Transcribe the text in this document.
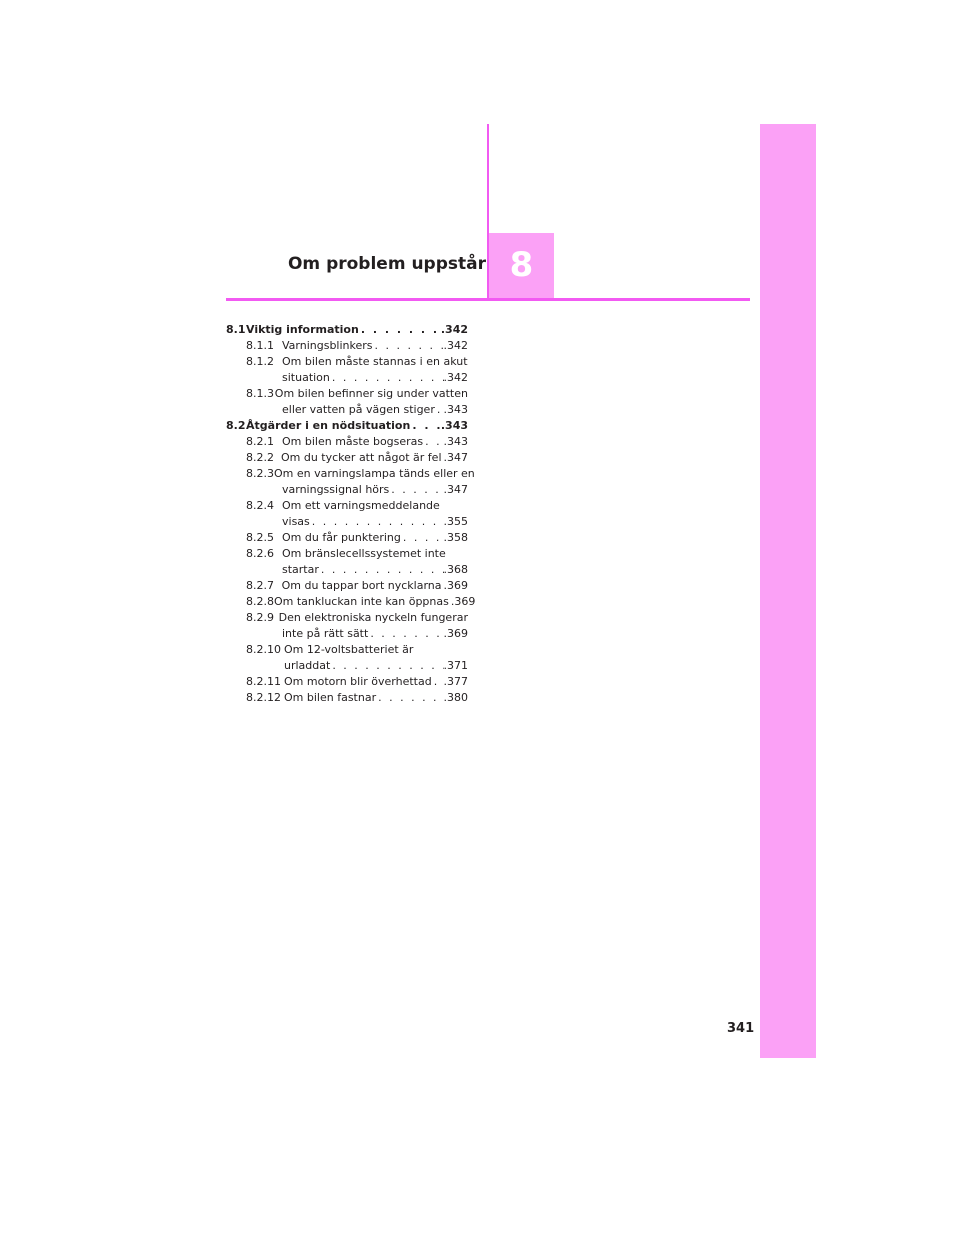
8
Om problem uppstår
8.1 Viktig information . . .	.342
8.1.1 Varningsblinkers . . .	.342
8.1.2 Om bilen måste stannas i en akut
situation . . .	.342
8.1.3 Om bilen befinner sig under vatten
eller vatten på vägen stiger . . . .343
8.2 Åtgärder i en nödsituation . . .	.343
8.2.1 Om bilen måste bogseras . . . .343
8.2.2 Om du tycker att något är fel . . . .347
8.2.3 Om en varningslampa tänds eller en
varningssignal hörs . . .	.347
8.2.4 Om ett varningsmeddelande
visas . . .	.355
8.2.5 Om du får punktering . . .	.358
8.2.6 Om bränslecellssystemet inte
startar . . .	.368
8.2.7 Om du tappar bort nycklarna . . . .369
8.2.8 Om tankluckan inte kan öppnas . . . .369
8.2.9 Den elektroniska nyckeln fungerar
inte på rätt sätt . . .	.369
8.2.10 Om 12-voltsbatteriet är
urladdat . . .	.371
8.2.11 Om motorn blir överhettad . . . .377
8.2.12 Om bilen fastnar . . .	.380
341
